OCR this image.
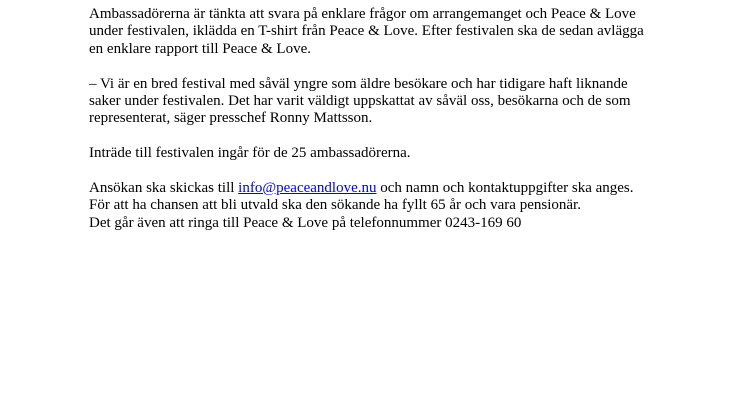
Ambassadörerna är tänkta att svara på enklare frågor om arrangemanget och Peace & Love
under festivalen, iklädda en T-shirt från Peace & Love. Efter festivalen ska de sedan avlägga
en enklare rapport till Peace & Love.
– Vi är en bred festival med såväl yngre som äldre besökare och har tidigare haft liknande
saker under festivalen. Det har varit väldigt uppskattat av såväl oss, besökarna och de som
representerat, säger presschef Ronny Mattsson.
Inträde till festivalen ingår för de 25 ambassadörerna.
Ansökan ska skickas till info@peaceandlove.nu och namn och kontaktuppgifter ska anges.
För att ha chansen att bli utvald ska den sökande ha fyllt 65 år och vara pensionär.
Det går även att ringa till Peace & Love på telefonnummer 0243-169 60
